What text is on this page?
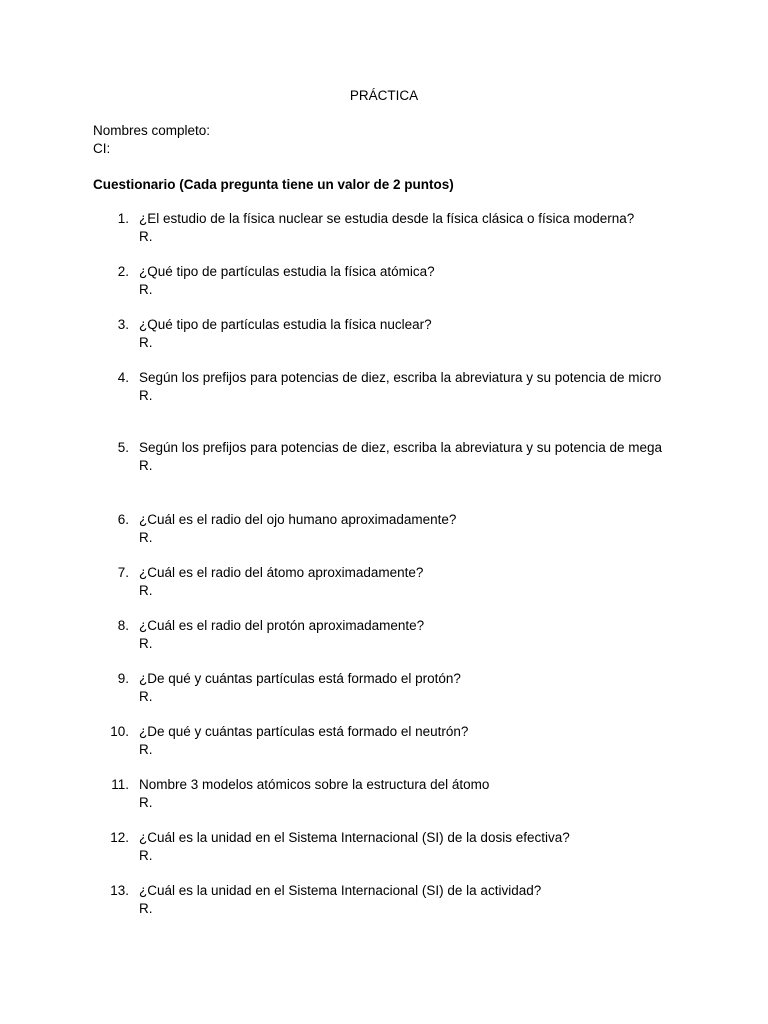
PRÁCTICA
Nombres completo:
CI:
Cuestionario (Cada pregunta tiene un valor de 2 puntos)
1. ¿El estudio de la física nuclear se estudia desde la física clásica o física moderna?
R.
2. ¿Qué tipo de partículas estudia la física atómica?
R.
3. ¿Qué tipo de partículas estudia la física nuclear?
R.
4. Según los prefijos para potencias de diez, escriba la abreviatura y su potencia de micro
R.
5. Según los prefijos para potencias de diez, escriba la abreviatura y su potencia de mega
R.
6. ¿Cuál es el radio del ojo humano aproximadamente?
R.
7. ¿Cuál es el radio del átomo aproximadamente?
R.
8. ¿Cuál es el radio del protón aproximadamente?
R.
9. ¿De qué y cuántas partículas está formado el protón?
R.
10. ¿De qué y cuántas partículas está formado el neutrón?
R.
11. Nombre 3 modelos atómicos sobre la estructura del átomo
R.
12. ¿Cuál es la unidad en el Sistema Internacional (SI) de la dosis efectiva?
R.
13. ¿Cuál es la unidad en el Sistema Internacional (SI) de la actividad?
R.
